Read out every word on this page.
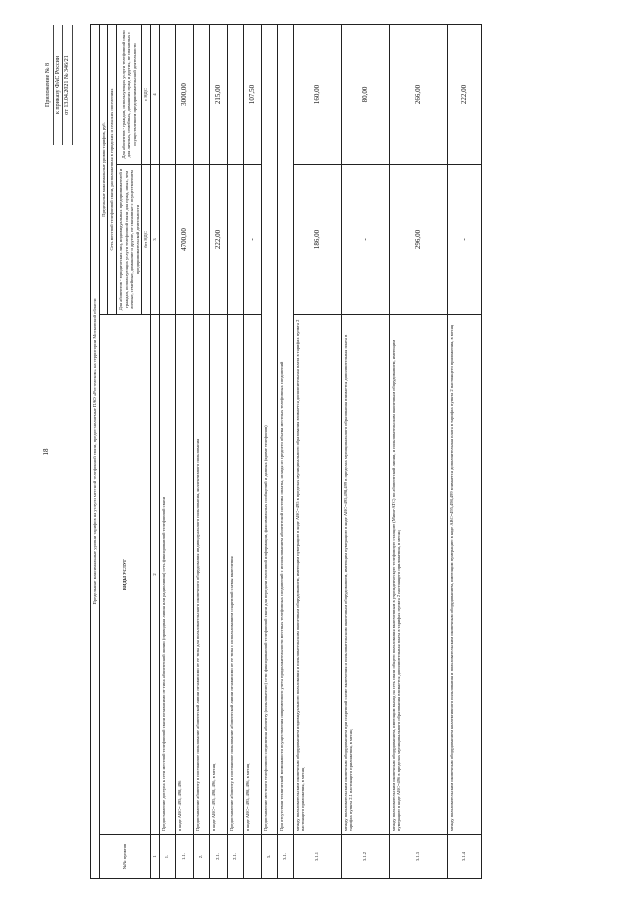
18
Приложение № 8 к приказу ФАС России от 13.04.2021 № 346/21
Предельные максимальные уровни тарифов на услуги местной телефонной связи, предоставляемые ПАО «Ростелеком» на территории Московской области			
№№ пунктов	ВИДЫ УСЛУГ	Предельные максимальные уровни тарифов, руб.	
		Сеть местной телефонной связи, расположенная в городских и сельских поселениях	
		Для абонентов - юридических лиц, индивидуальных предпринимателей и граждан, использующих услуги телефонной связи для нужд, иных, чем личные, семейные, домашние и другие, не связанные с осуществлением предпринимательской деятельности	Для абонентов - граждан, использующих услуги телефонной связи для личных, семейных, домашних нужд и других, не связанных с осуществлением предпринимательской деятельности
		без НДС	с НДС
1	2	3	4
1.	Предоставление доступа к сети местной телефонной связи независимо от типа абонентской линии (проводная линия или радиолиния) сеть фиксированной телефонной связи		
1.1.	в коде АВС= 495, 498, 496	4700,00	3000,00
2.	Предоставление абоненту в постоянное пользование абонентской линии независимо от ее типа для пользовательского оконечного оборудования индивидуального пользования, коллективного пользования		
2.1.	в коде АВС= 495, 498, 496, в месяц	222,00	215,00
2.1.	Предоставление абоненту в постоянное пользование абонентской линии независимо от ее типа с использованием спаренной схемы включения		
	в коде АВС= 495, 498, 496, в месяц	-	107,50
3.	Предоставление местного телефонного соединения абоненту (пользователю) сети фиксированной телефонной связи для передачи голосовой информации, факсимильных сообщений и данных (кроме телефонов)		
3.1.	При отсутствии технической возможности осуществления повременного учета продолжительности местных телефонных соединений с использованием абонентской системы оплаты, исходя из среднего объема местных телефонных соединений		
3.1.1	между пользовательским оконечным оборудованием индивидуального пользования и пользовательским оконечным оборудованием, имеющим нумерацию в коде АВС=495 в пределах муниципального образования взимается дополнительная плата в тарифах пункта 2 настоящего приложения, в месяц	186,00	160,00
3.1.2	между пользовательским оконечным оборудованием при спаренной схеме включения и пользовательским оконечным оборудованием, имеющим нумерацию в коде АВС=495,498,499 в пределах муниципального образования взимается дополнительная плата в тарифах пункта 2.1 настоящего приложения, в месяц	-	80,00
3.1.3	между пользовательским оконечным оборудованием, имеющим выход на сеть связи общего пользования включенным в учрежденческую телефонную станцию (Мини-АТС) по абонентской линии, и пользовательским оконечным оборудованием, имеющим нумерацию в коде АВС=496 в пределах муниципального образования взимается дополнительная плата в тарифах пункта 2 настоящего приложения, в месяц	296,00	266,00
3.1.4	между пользовательским оконечным оборудованием коллективного пользования и пользовательским оконечным оборудованием, имеющим нумерацию в коде АВС=495,498,499 взимается дополнительная плата в тарифах пункта 2 настоящего приложения, в месяц	-	222,00
